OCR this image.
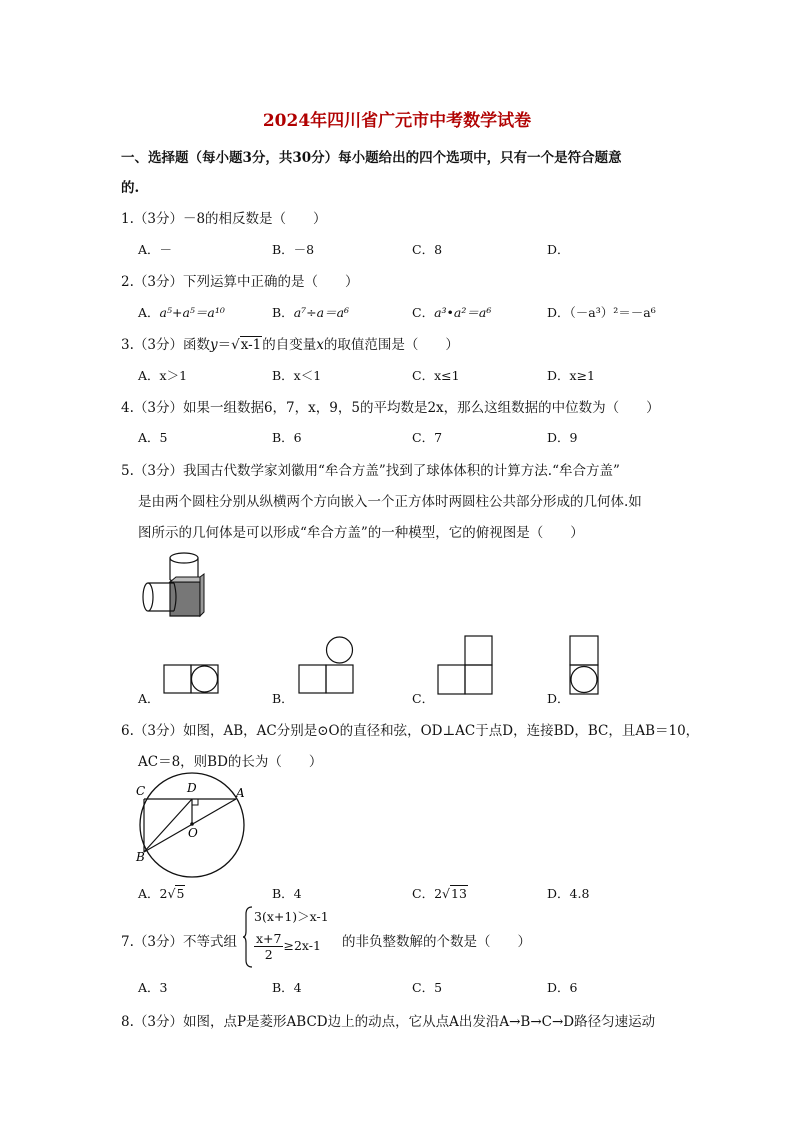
2024年四川省广元市中考数学试卷
一、选择题（每小题3分，共30分）每小题给出的四个选项中，只有一个是符合题意
的.
1.（3分）－8的相反数是（　　）
A．－	B．－8	C．8	D．
2.（3分）下列运算中正确的是（　　）
A．a⁵+a⁵＝a¹⁰	B．a⁷÷a＝a⁶	C．a³•a²＝a⁶	D．（－a³）²＝－a⁶
3.（3分）函数y＝√x-1的自变量x的取值范围是（　　）
A．x＞1	B．x＜1	C．x≤1	D．x≥1
4.（3分）如果一组数据6，7，x，9，5的平均数是2x，那么这组数据的中位数为（　　）
A．5	B．6	C．7	D．9
5.（3分）我国古代数学家刘徽用“牟合方盖”找到了球体体积的计算方法.“牟合方盖”
是由两个圆柱分别从纵横两个方向嵌入一个正方体时两圆柱公共部分形成的几何体.如
图所示的几何体是可以形成“牟合方盖”的一种模型，它的俯视图是（　　）
A．	B．	C．	D．
6.（3分）如图，AB，AC分别是⊙O的直径和弦，OD⊥AC于点D，连接BD，BC，且AB＝10，
AC＝8，则BD的长为（　　）
C	D	A
O
B
A．2√5	B．4	C．2√13	D．4.8
7.（3分）不等式组
3(x+1)＞x-1
$\frac{x+7}{2} \ge 2x-1$ 的非负整数解的个数是（　　）
A．3	B．4	C．5	D．6
8.（3分）如图，点P是菱形ABCD边上的动点，它从点A出发沿A→B→C→D路径匀速运动
